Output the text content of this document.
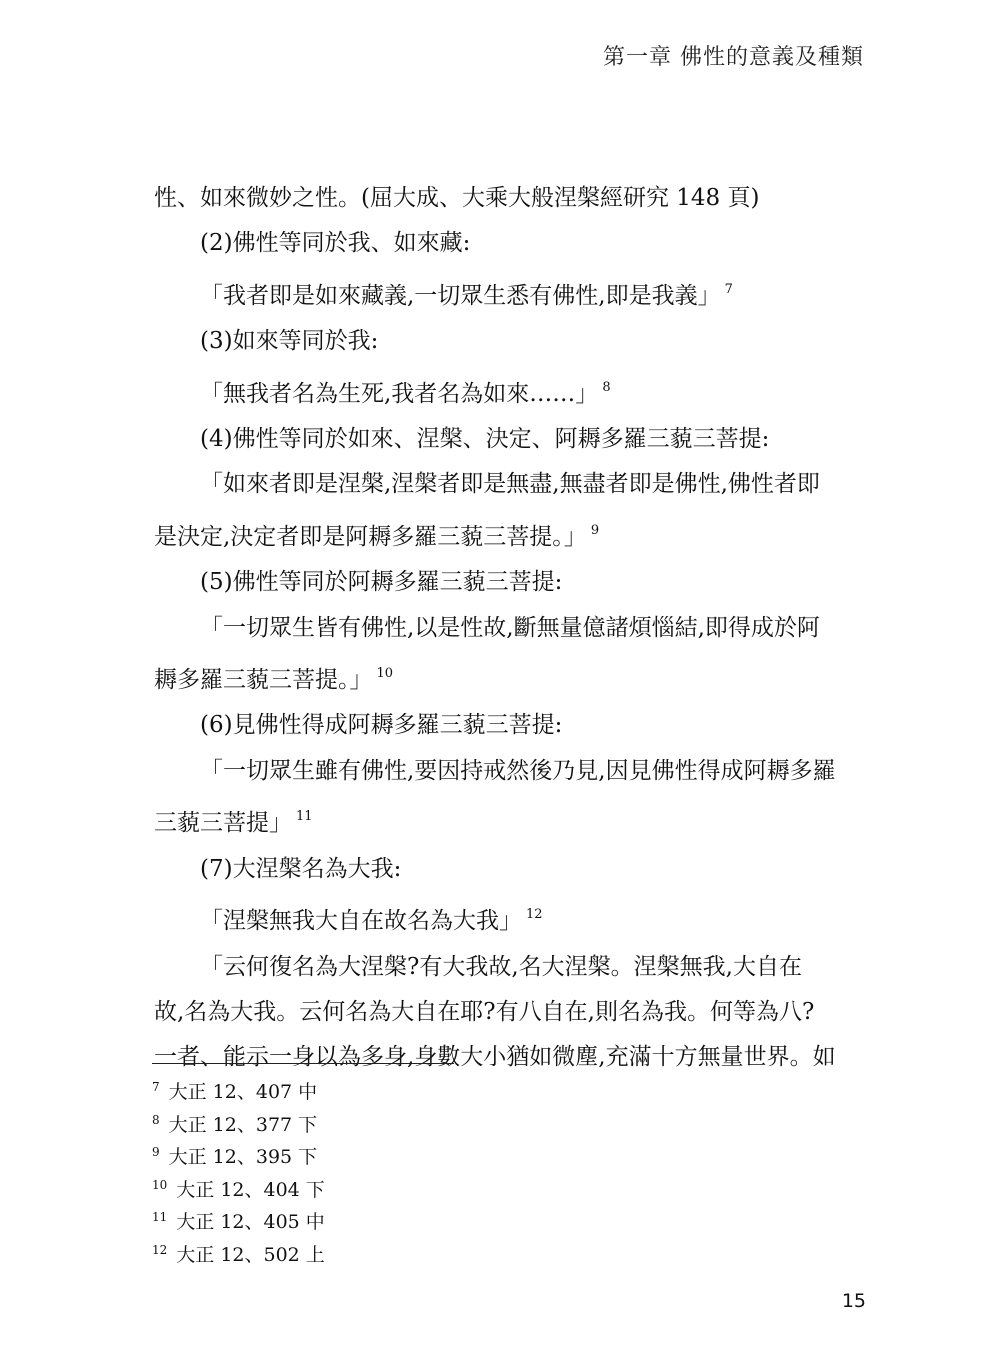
第一章 佛性的意義及種類
性、如來微妙之性。(屈大成、大乘大般涅槃經研究 148 頁)
(2)佛性等同於我、如來藏:
「我者即是如來藏義,一切眾生悉有佛性,即是我義」 $^7$
(3)如來等同於我:
「無我者名為生死,我者名為如來……」 $^8$
(4)佛性等同於如來、涅槃、決定、阿耨多羅三藐三菩提:
「如來者即是涅槃,涅槃者即是無盡,無盡者即是佛性,佛性者即
是決定,決定者即是阿耨多羅三藐三菩提。」 $^9$
(5)佛性等同於阿耨多羅三藐三菩提:
「一切眾生皆有佛性,以是性故,斷無量億諸煩惱結,即得成於阿
耨多羅三藐三菩提。」 $^{10}$
(6)見佛性得成阿耨多羅三藐三菩提:
「一切眾生雖有佛性,要因持戒然後乃見,因見佛性得成阿耨多羅
三藐三菩提」 $^{11}$
(7)大涅槃名為大我:
「涅槃無我大自在故名為大我」 $^{12}$
「云何復名為大涅槃?有大我故,名大涅槃。涅槃無我,大自在
故,名為大我。云何名為大自在耶?有八自在,則名為我。何等為八?
一者、能示一身以為多身,身數大小猶如微塵,充滿十方無量世界。如
$^7$ 大正 12、407 中
$^8$ 大正 12、377 下
$^9$ 大正 12、395 下
$^{10}$ 大正 12、404 下
$^{11}$ 大正 12、405 中
$^{12}$ 大正 12、502 上
15
